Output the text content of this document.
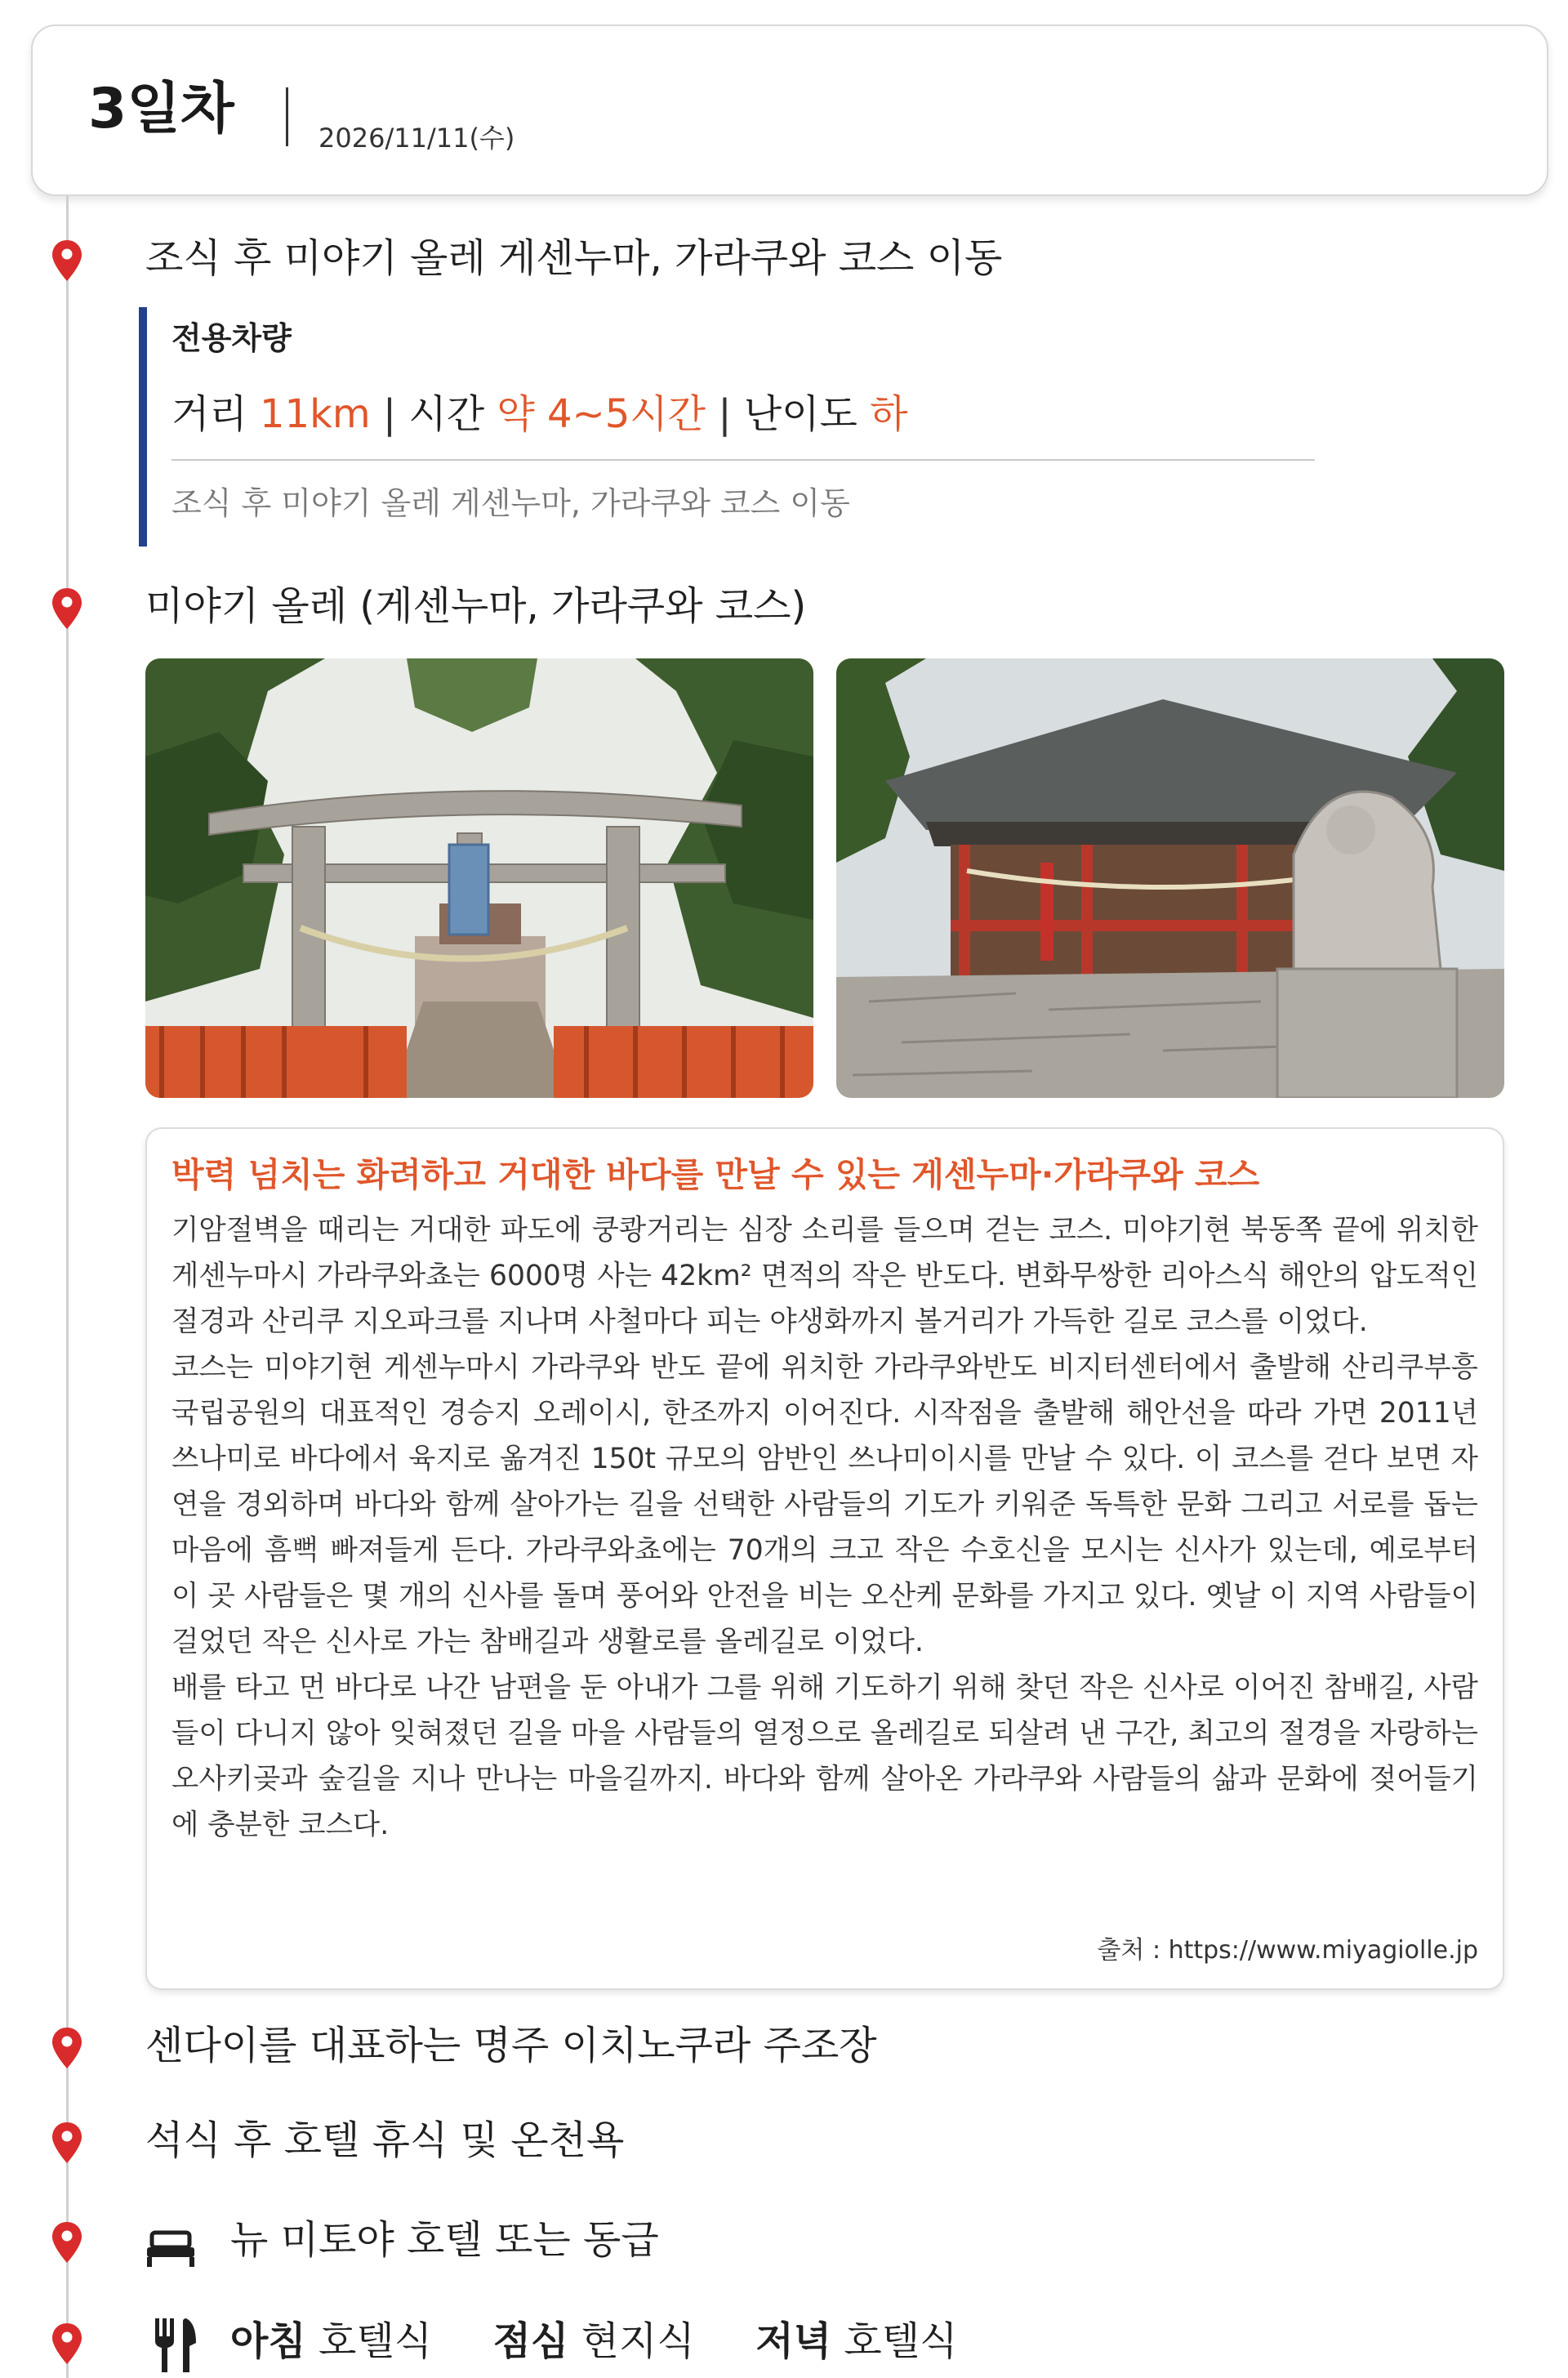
3일차	2026/11/11(수)
조식 후 미야기 올레 게센누마, 가라쿠와 코스 이동
전용차량
거리 11km | 시간 약 4~5시간 | 난이도 하
조식 후 미야기 올레 게센누마, 가라쿠와 코스 이동
미야기 올레 (게센누마, 가라쿠와 코스)
박력 넘치는 화려하고 거대한 바다를 만날 수 있는 게센누마·가라쿠와 코스

기암절벽을 때리는 거대한 파도에 쿵쾅거리는 심장 소리를 들으며 걷는 코스. 미야기현 북동쪽 끝에 위치한 게센누마시 가라쿠와쵸는 6000명 사는 42km² 면적의 작은 반도다. 변화무쌍한 리아스식 해안의 압도적인 절경과 산리쿠 지오파크를 지나며 사철마다 피는 야생화까지 볼거리가 가득한 길로 코스를 이었다.

코스는 미야기현 게센누마시 가라쿠와 반도 끝에 위치한 가라쿠와반도 비지터센터에서 출발해 산리쿠부흥국립공원의 대표적인 경승지 오레이시, 한조까지 이어진다. 시작점을 출발해 해안선을 따라 가면 2011년 쓰나미로 바다에서 육지로 옮겨진 150t 규모의 암반인 쓰나미이시를 만날 수 있다. 이 코스를 걷다 보면 자연을 경외하며 바다와 함께 살아가는 길을 선택한 사람들의 기도가 키워준 독특한 문화 그리고 서로를 돕는 마음에 흠뻑 빠져들게 든다. 가라쿠와쵸에는 70개의 크고 작은 수호신을 모시는 신사가 있는데, 예로부터 이 곳 사람들은 몇 개의 신사를 돌며 풍어와 안전을 비는 오산케 문화를 가지고 있다. 옛날 이 지역 사람들이 걸었던 작은 신사로 가는 참배길과 생활로를 올레길로 이었다.

배를 타고 먼 바다로 나간 남편을 둔 아내가 그를 위해 기도하기 위해 찾던 작은 신사로 이어진 참배길, 사람들이 다니지 않아 잊혀졌던 길을 마을 사람들의 열정으로 올레길로 되살려 낸 구간, 최고의 절경을 자랑하는 오사키곶과 숲길을 지나 만나는 마을길까지. 바다와 함께 살아온 가라쿠와 사람들의 삶과 문화에 젖어들기에 충분한 코스다.

출처 : https://www.miyagiolle.jp
센다이를 대표하는 명주 이치노쿠라 주조장
석식 후 호텔 휴식 및 온천욕
뉴 미토야 호텔 또는 동급
아침 호텔식 점심 현지식 저녁 호텔식
